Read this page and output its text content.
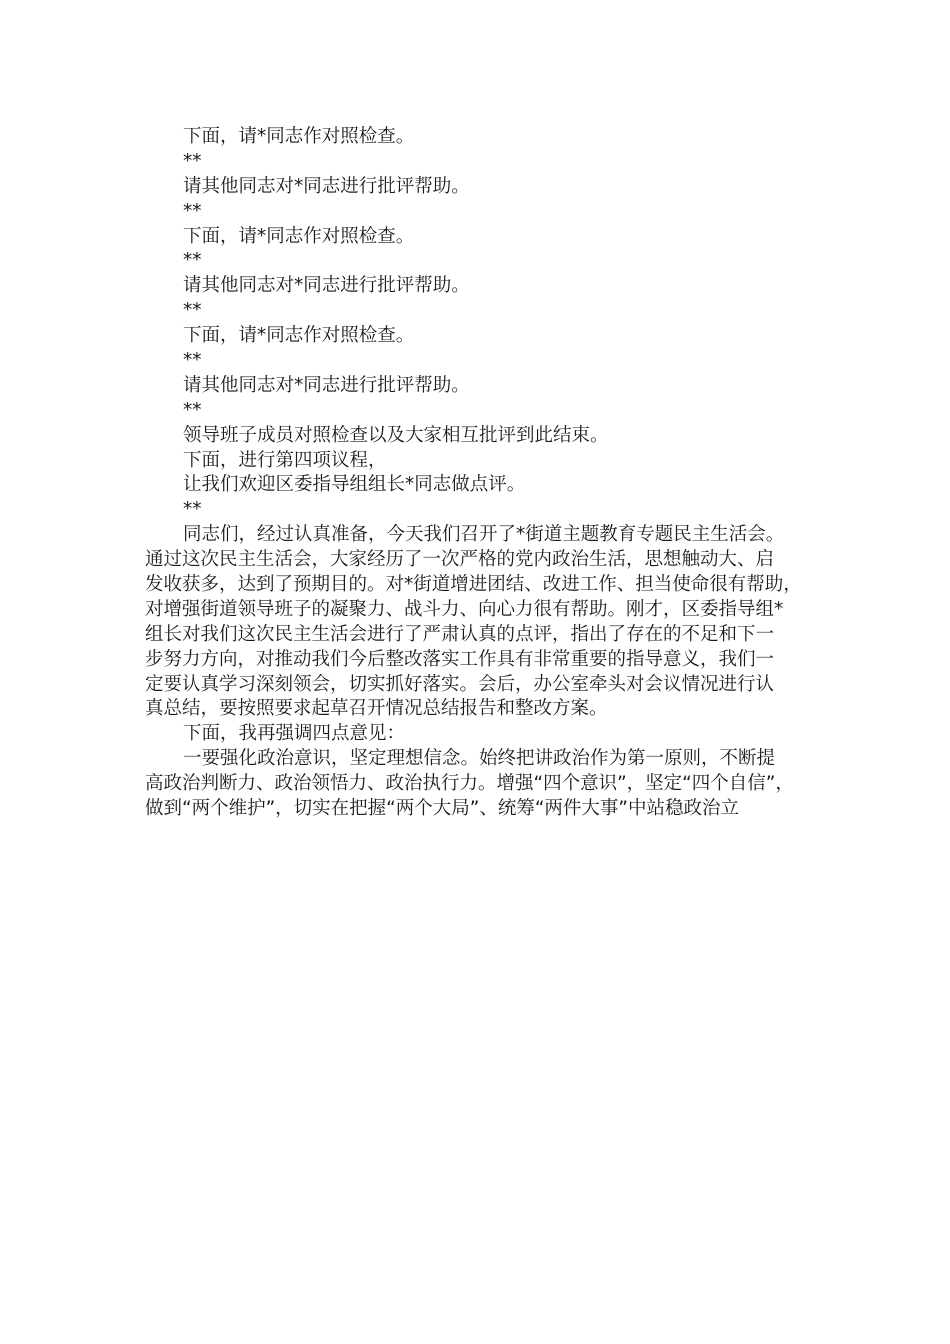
下面，请*同志作对照检查。
**
请其他同志对*同志进行批评帮助。
**
下面，请*同志作对照检查。
**
请其他同志对*同志进行批评帮助。
**
下面，请*同志作对照检查。
**
请其他同志对*同志进行批评帮助。
**
领导班子成员对照检查以及大家相互批评到此结束。
下面，进行第四项议程，
让我们欢迎区委指导组组长*同志做点评。
**
同志们，经过认真准备，今天我们召开了*街道主题教育专题民主生活会。
通过这次民主生活会，大家经历了一次严格的党内政治生活，思想触动大、启
发收获多，达到了预期目的。对*街道增进团结、改进工作、担当使命很有帮助，
对增强街道领导班子的凝聚力、战斗力、向心力很有帮助。刚才，区委指导组*
组长对我们这次民主生活会进行了严肃认真的点评，指出了存在的不足和下一
步努力方向，对推动我们今后整改落实工作具有非常重要的指导意义，我们一
定要认真学习深刻领会，切实抓好落实。会后，办公室牵头对会议情况进行认
真总结，要按照要求起草召开情况总结报告和整改方案。
下面，我再强调四点意见：
一要强化政治意识，坚定理想信念。始终把讲政治作为第一原则，不断提
高政治判断力、政治领悟力、政治执行力。增强“四个意识”，坚定“四个自信”，
做到“两个维护”，切实在把握“两个大局”、统筹“两件大事”中站稳政治立
